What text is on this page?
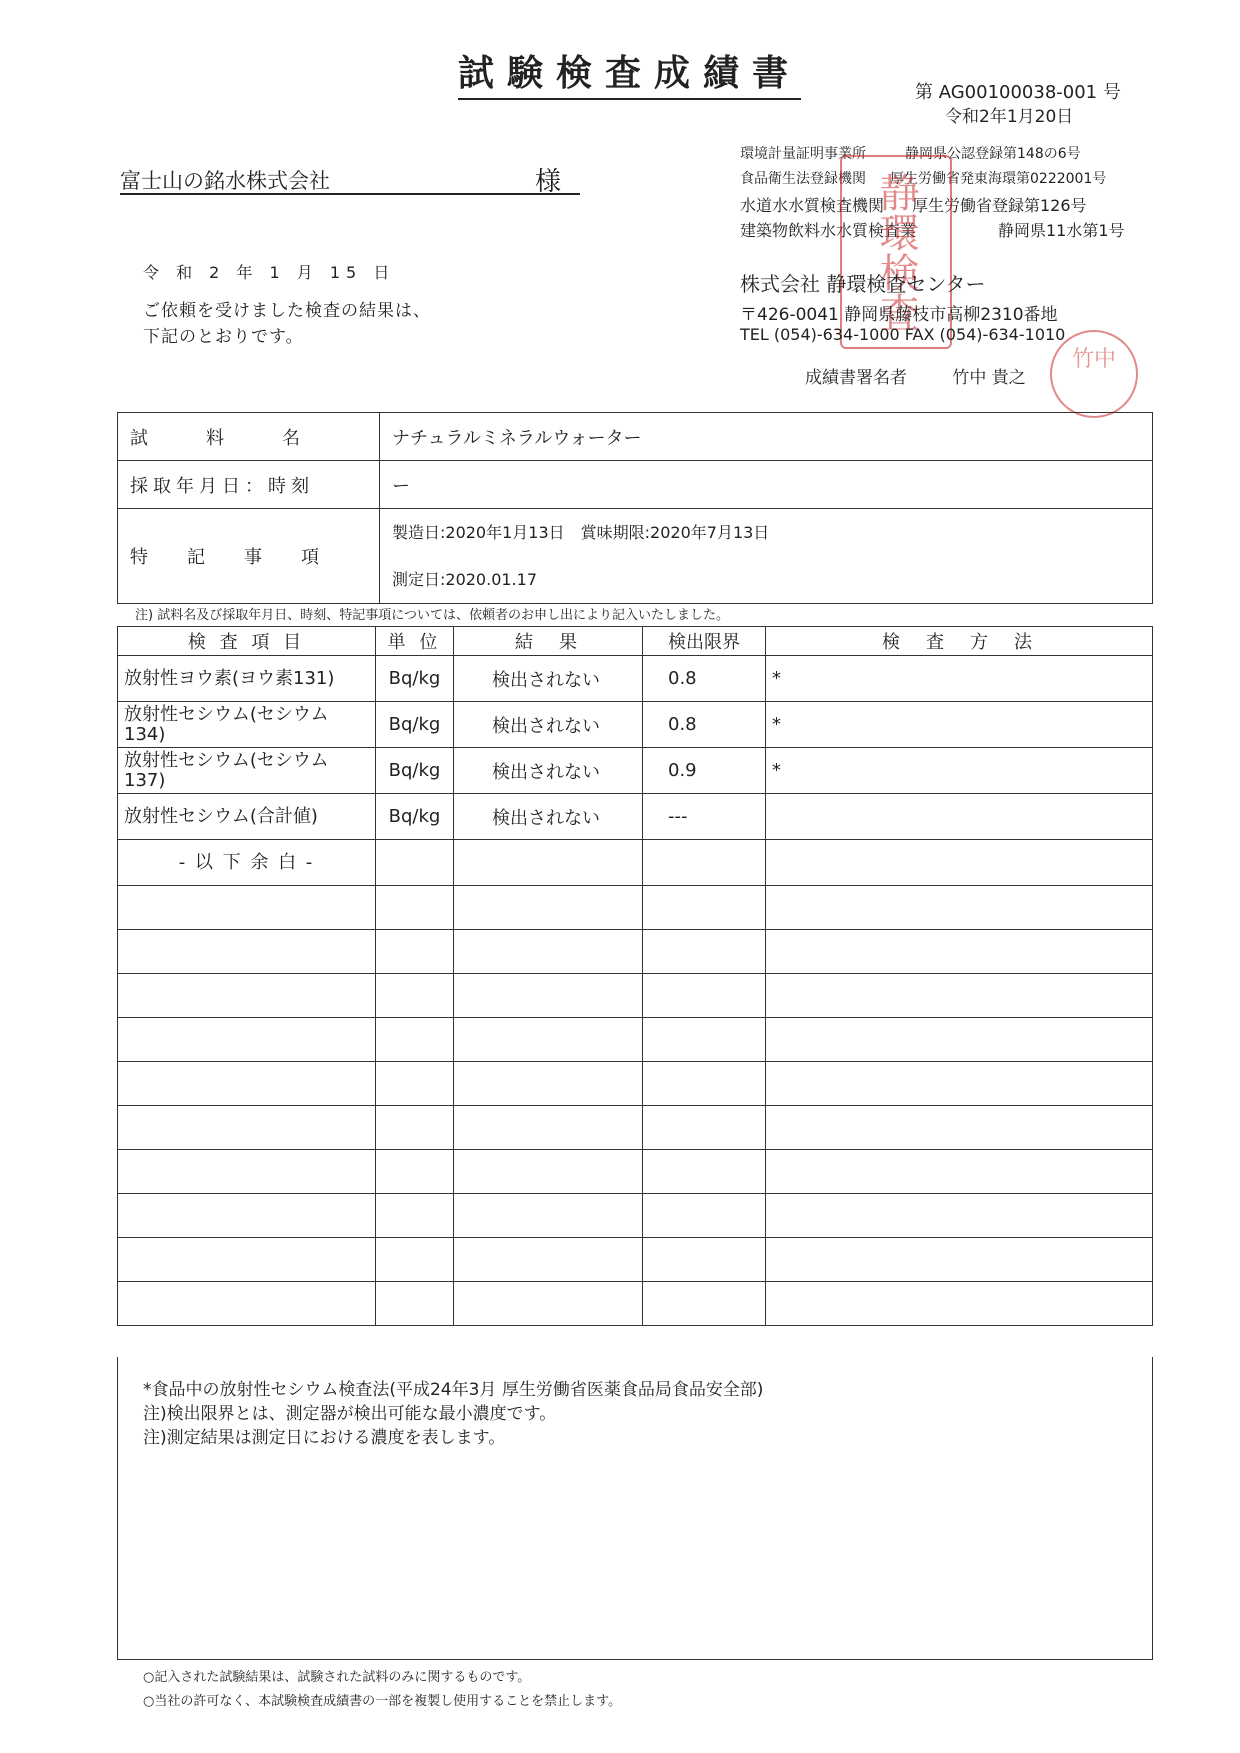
試験検査成績書	第 AG00100038-001 号
令和2年1月20日
富士山の銘水株式会社	様
環境計量証明事業所	静岡県公認登録第148の6号
食品衛生法登録機関 厚生労働省発東海環第0222001号
水道水水質検査機関 厚生労働省登録第126号
建築物飲料水水質検査業	静岡県11水第1号
静環検査
株式会社 静環検査センター
〒426-0041 静岡県藤枝市高柳2310番地
TEL (054)-634-1000 FAX (054)-634-1010
成績書署名者	竹中 貴之
竹中
令 和 2 年 1 月 15 日
ご依頼を受けました検査の結果は、
下記のとおりです。
試　　　料　　　名	ナチュラルミネラルウォーター
採取年月日：時刻	ー
特　　記　　事　　項	製造日:2020年1月13日　賞味期限:2020年7月13日
測定日:2020.01.17
注) 試料名及び採取年月日、時刻、特記事項については、依頼者のお申し出により記入いたしました。
検 査 項 目	単 位	結　果	検出限界	検　査　方　法
放射性ヨウ素(ヨウ素131)	Bq/kg	検出されない	0.8	*
放射性セシウム(セシウム134)	Bq/kg	検出されない	0.8	*
放射性セシウム(セシウム137)	Bq/kg	検出されない	0.9	*
放射性セシウム(合計値)	Bq/kg	検出されない	---	
- 以 下 余 白 -				

*食品中の放射性セシウム検査法(平成24年3月 厚生労働省医薬食品局食品安全部)
注)検出限界とは、測定器が検出可能な最小濃度です。
注)測定結果は測定日における濃度を表します。
○記入された試験結果は、試験された試料のみに関するものです。
○当社の許可なく、本試験検査成績書の一部を複製し使用することを禁止します。
